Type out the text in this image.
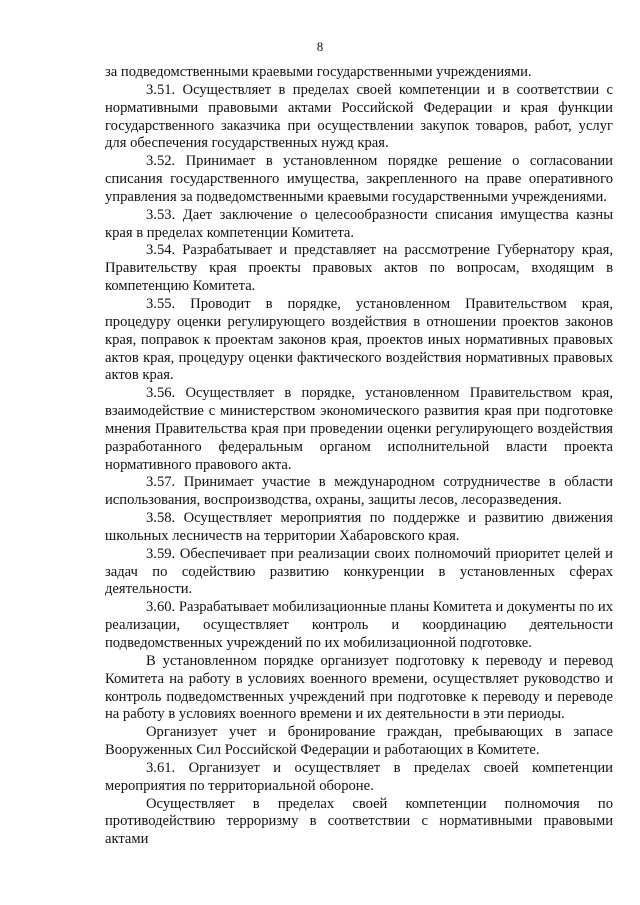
8

за подведомственными краевыми государственными учреждениями.

3.51. Осуществляет в пределах своей компетенции и в соответствии с нормативными правовыми актами Российской Федерации и края функции государственного заказчика при осуществлении закупок товаров, работ, услуг для обеспечения государственных нужд края.

3.52. Принимает в установленном порядке решение о согласовании списания государственного имущества, закрепленного на праве оперативного управления за подведомственными краевыми государственными учреждениями.

3.53. Дает заключение о целесообразности списания имущества казны края в пределах компетенции Комитета.

3.54. Разрабатывает и представляет на рассмотрение Губернатору края, Правительству края проекты правовых актов по вопросам, входящим в компетенцию Комитета.

3.55. Проводит в порядке, установленном Правительством края, процедуру оценки регулирующего воздействия в отношении проектов законов края, поправок к проектам законов края, проектов иных нормативных правовых актов края, процедуру оценки фактического воздействия нормативных правовых актов края.

3.56. Осуществляет в порядке, установленном Правительством края, взаимодействие с министерством экономического развития края при подготовке мнения Правительства края при проведении оценки регулирующего воздействия разработанного федеральным органом исполнительной власти проекта нормативного правового акта.

3.57. Принимает участие в международном сотрудничестве в области использования, воспроизводства, охраны, защиты лесов, лесоразведения.

3.58. Осуществляет мероприятия по поддержке и развитию движения школьных лесничеств на территории Хабаровского края.

3.59. Обеспечивает при реализации своих полномочий приоритет целей и задач по содействию развитию конкуренции в установленных сферах деятельности.

3.60. Разрабатывает мобилизационные планы Комитета и документы по их реализации, осуществляет контроль и координацию деятельности подведомственных учреждений по их мобилизационной подготовке.

В установленном порядке организует подготовку к переводу и перевод Комитета на работу в условиях военного времени, осуществляет руководство и контроль подведомственных учреждений при подготовке к переводу и переводе на работу в условиях военного времени и их деятельности в эти периоды.

Организует учет и бронирование граждан, пребывающих в запасе Вооруженных Сил Российской Федерации и работающих в Комитете.

3.61. Организует и осуществляет в пределах своей компетенции мероприятия по территориальной обороне.

Осуществляет в пределах своей компетенции полномочия по противодействию терроризму в соответствии с нормативными правовыми актами
